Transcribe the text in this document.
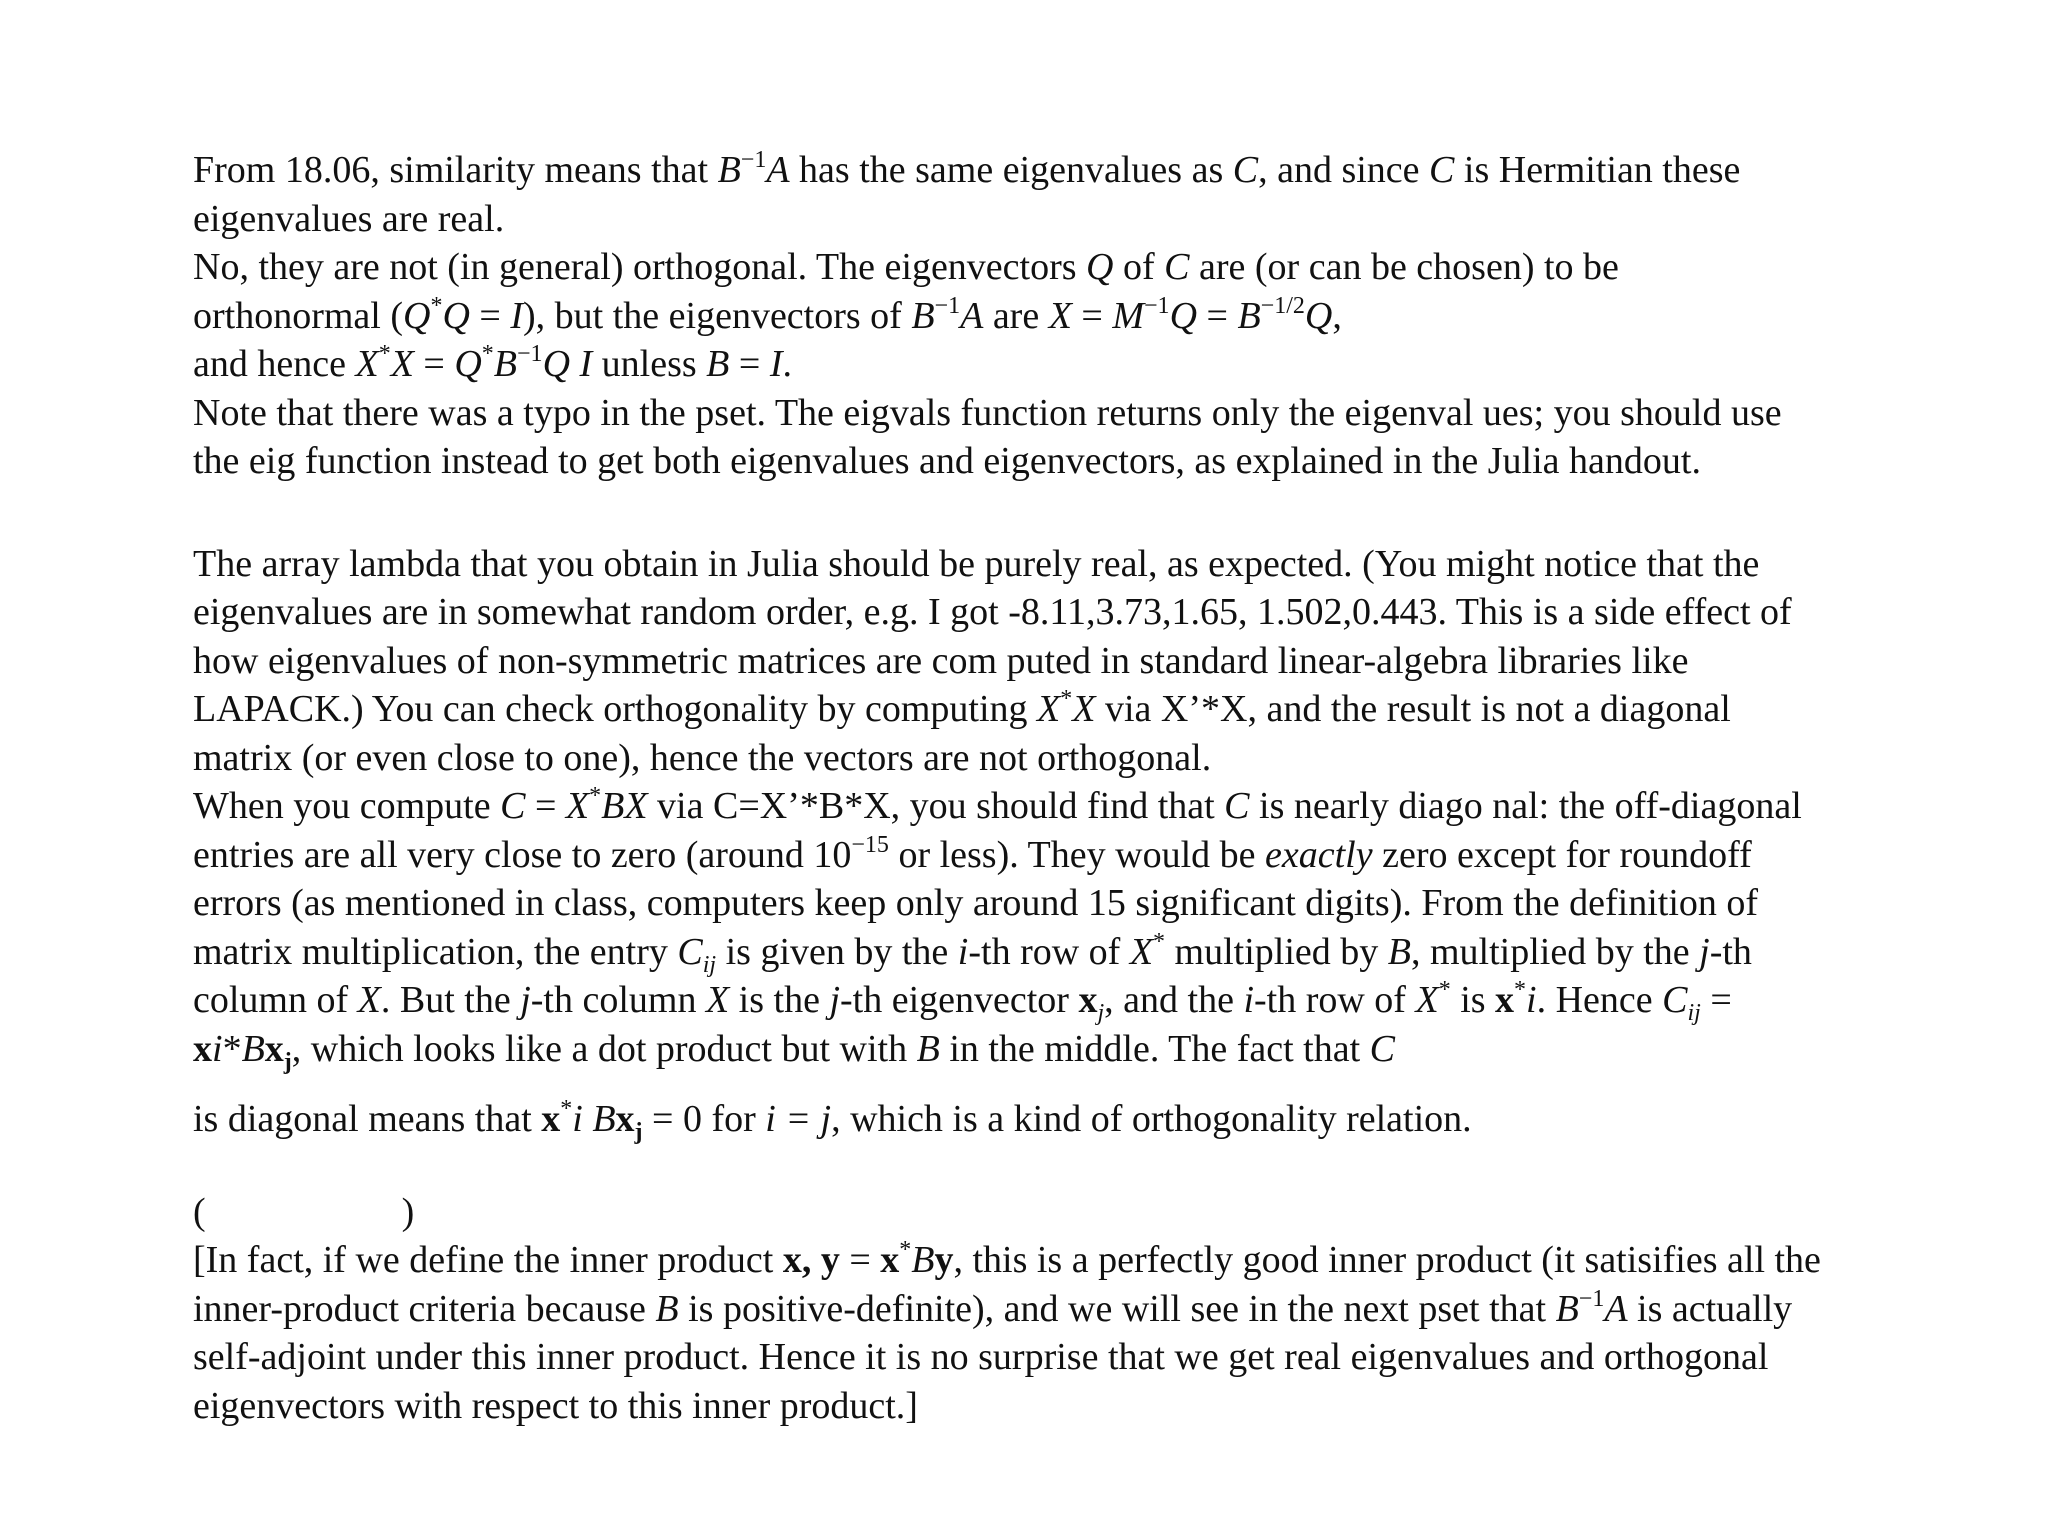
From 18.06, similarity means that $B^{-1}A$ has the same eigenvalues as C, and since C is Hermitian these
eigenvalues are real.
No, they are not (in general) orthogonal. The eigenvectors Q of C are (or can be chosen) to be
orthonormal (Q*Q = I), but the eigenvectors of $B^{-1}A$ are $X = M^{-1}Q = B^{-1/2}Q$,
and hence $X^*X = Q^*B^{-1}Q$ I unless B = I.
Note that there was a typo in the pset. The eigvals function returns only the eigenval ues; you should use
the eig function instead to get both eigenvalues and eigenvectors, as explained in the Julia handout.
The array lambda that you obtain in Julia should be purely real, as expected. (You might notice that the
eigenvalues are in somewhat random order, e.g. I got -8.11,3.73,1.65, 1.502,0.443. This is a side effect of
how eigenvalues of non-symmetric matrices are com puted in standard linear-algebra libraries like
LAPACK.) You can check orthogonality by computing X*X via X’*X, and the result is not a diagonal
matrix (or even close to one), hence the vectors are not orthogonal.
When you compute C = X*BX via C=X’*B*X, you should find that C is nearly diago nal: the off-diagonal
entries are all very close to zero (around $10^{-15}$ or less). They would be exactly zero except for roundoff
errors (as mentioned in class, computers keep only around 15 significant digits). From the definition of
matrix multiplication, the entry $C_{ij}$ is given by the i-th row of X* multiplied by B, multiplied by the j-th
column of X. But the j-th column X is the j-th eigenvector $x_j$, and the i-th row of X* is x*i. Hence $C_{ij}$ =
$xi*Bx_j$, which looks like a dot product but with B in the middle. The fact that C
is diagonal means that x*i $Bx_j = 0$ for i = j, which is a kind of orthogonality relation.
(	)
[In fact, if we define the inner product x, y = x*By, this is a perfectly good inner product (it satisifies all the
inner-product criteria because B is positive-definite), and we will see in the next pset that $B^{-1}A$ is actually
self-adjoint under this inner product. Hence it is no surprise that we get real eigenvalues and orthogonal
eigenvectors with respect to this inner product.]
